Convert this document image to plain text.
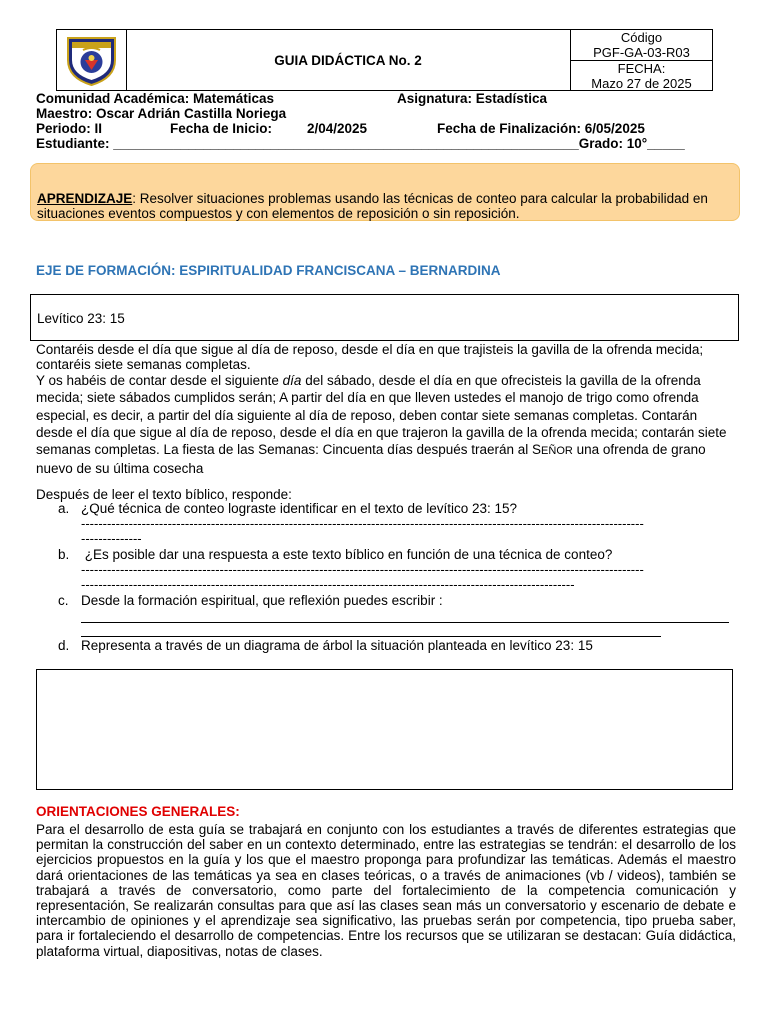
GUIA DIDÁCTICA No. 2
Código
PGF-GA-03-R03
FECHA:
Mazo 27 de 2025
Comunidad Académica: Matemáticas	Asignatura: Estadística
Maestro: Oscar Adrián Castilla Noriega
Periodo: II	Fecha de Inicio:	2/04/2025	Fecha de Finalización: 6/05/2025
Estudiante: ______________________________________________________________Grado: 10°_____
APRENDIZAJE: Resolver situaciones problemas usando las técnicas de conteo para calcular la probabilidad en situaciones eventos compuestos y con elementos de reposición o sin reposición.
EJE DE FORMACIÓN: ESPIRITUALIDAD FRANCISCANA – BERNARDINA
Levítico 23: 15
Contaréis desde el día que sigue al día de reposo, desde el día en que trajisteis la gavilla de la ofrenda mecida; contaréis siete semanas completas.
Y os habéis de contar desde el siguiente día del sábado, desde el día en que ofrecisteis la gavilla de la ofrenda mecida; siete sábados cumplidos serán; A partir del día en que lleven ustedes el manojo de trigo como ofrenda especial, es decir, a partir del día siguiente al día de reposo, deben contar siete semanas completas. Contarán desde el día que sigue al día de reposo, desde el día en que trajeron la gavilla de la ofrenda mecida; contarán siete semanas completas. La fiesta de las Semanas: Cincuenta días después traerán al SEÑOR una ofrenda de grano nuevo de su última cosecha
Después de leer el texto bíblico, responde:
a. ¿Qué técnica de conteo lograste identificar en el texto de levítico 23: 15?
----------------------------------------------------------------------------------------------------------------------------------
--------------
b. ¿Es posible dar una respuesta a este texto bíblico en función de una técnica de conteo?
----------------------------------------------------------------------------------------------------------------------------------
------------------------------------------------------------------------------------------------------------------
c. Desde la formación espiritual, que reflexión puedes escribir :
d. Representa a través de un diagrama de árbol la situación planteada en levítico 23: 15
ORIENTACIONES GENERALES:
Para el desarrollo de esta guía se trabajará en conjunto con los estudiantes a través de diferentes estrategias que permitan la construcción del saber en un contexto determinado, entre las estrategias se tendrán: el desarrollo de los ejercicios propuestos en la guía y los que el maestro proponga para profundizar las temáticas. Además el maestro dará orientaciones de las temáticas ya sea en clases teóricas, o a través de animaciones (vb / videos), también se trabajará a través de conversatorio, como parte del fortalecimiento de la competencia comunicación y representación, Se realizarán consultas para que así las clases sean más un conversatorio y escenario de debate e intercambio de opiniones y el aprendizaje sea significativo, las pruebas serán por competencia, tipo prueba saber, para ir fortaleciendo el desarrollo de competencias. Entre los recursos que se utilizaran se destacan: Guía didáctica, plataforma virtual, diapositivas, notas de clases.
